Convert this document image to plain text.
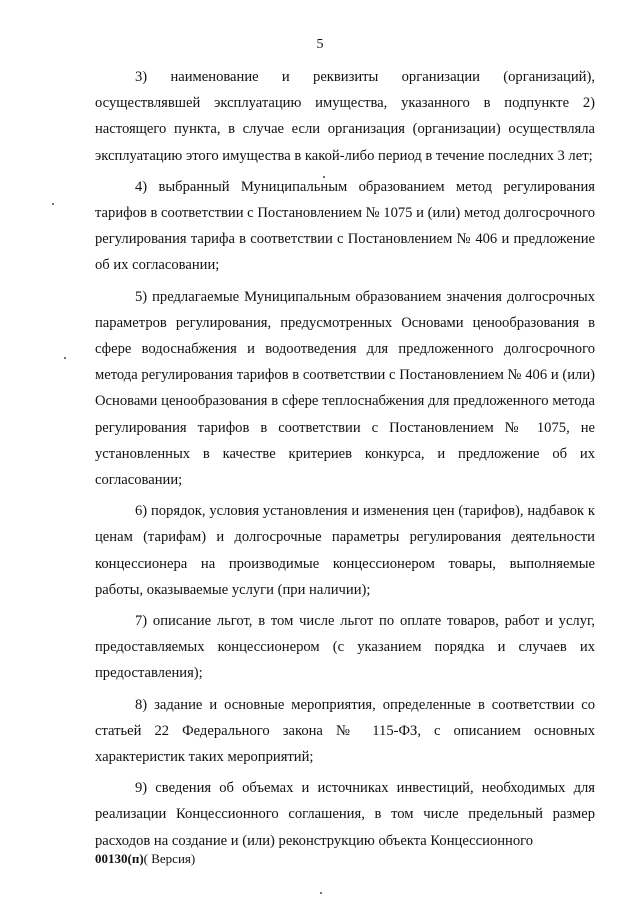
5

3) наименование и реквизиты организации (организаций), осуществлявшей эксплуатацию имущества, указанного в подпункте 2) настоящего пункта, в случае если организация (организации) осуществляла эксплуатацию этого имущества в какой-либо период в течение последних 3 лет;

4) выбранный Муниципальным образованием метод регулирования тарифов в соответствии с Постановлением № 1075 и (или) метод долгосрочного регулирования тарифа в соответствии с Постановлением № 406 и предложение об их согласовании;

5) предлагаемые Муниципальным образованием значения долгосрочных параметров регулирования, предусмотренных Основами ценообразования в сфере водоснабжения и водоотведения для предложенного долгосрочного метода регулирования тарифов в соответствии с Постановлением № 406 и (или) Основами ценообразования в сфере теплоснабжения для предложенного метода регулирования тарифов в соответствии с Постановлением № 1075, не установленных в качестве критериев конкурса, и предложение об их согласовании;

6) порядок, условия установления и изменения цен (тарифов), надбавок к ценам (тарифам) и долгосрочные параметры регулирования деятельности концессионера на производимые концессионером товары, выполняемые работы, оказываемые услуги (при наличии);

7) описание льгот, в том числе льгот по оплате товаров, работ и услуг, предоставляемых концессионером (с указанием порядка и случаев их предоставления);

8) задание и основные мероприятия, определенные в соответствии со статьей 22 Федерального закона № 115-ФЗ, с описанием основных характеристик таких мероприятий;

9) сведения об объемах и источниках инвестиций, необходимых для реализации Концессионного соглашения, в том числе предельный размер расходов на создание и (или) реконструкцию объекта Концессионного

00130(п)( Версия)
